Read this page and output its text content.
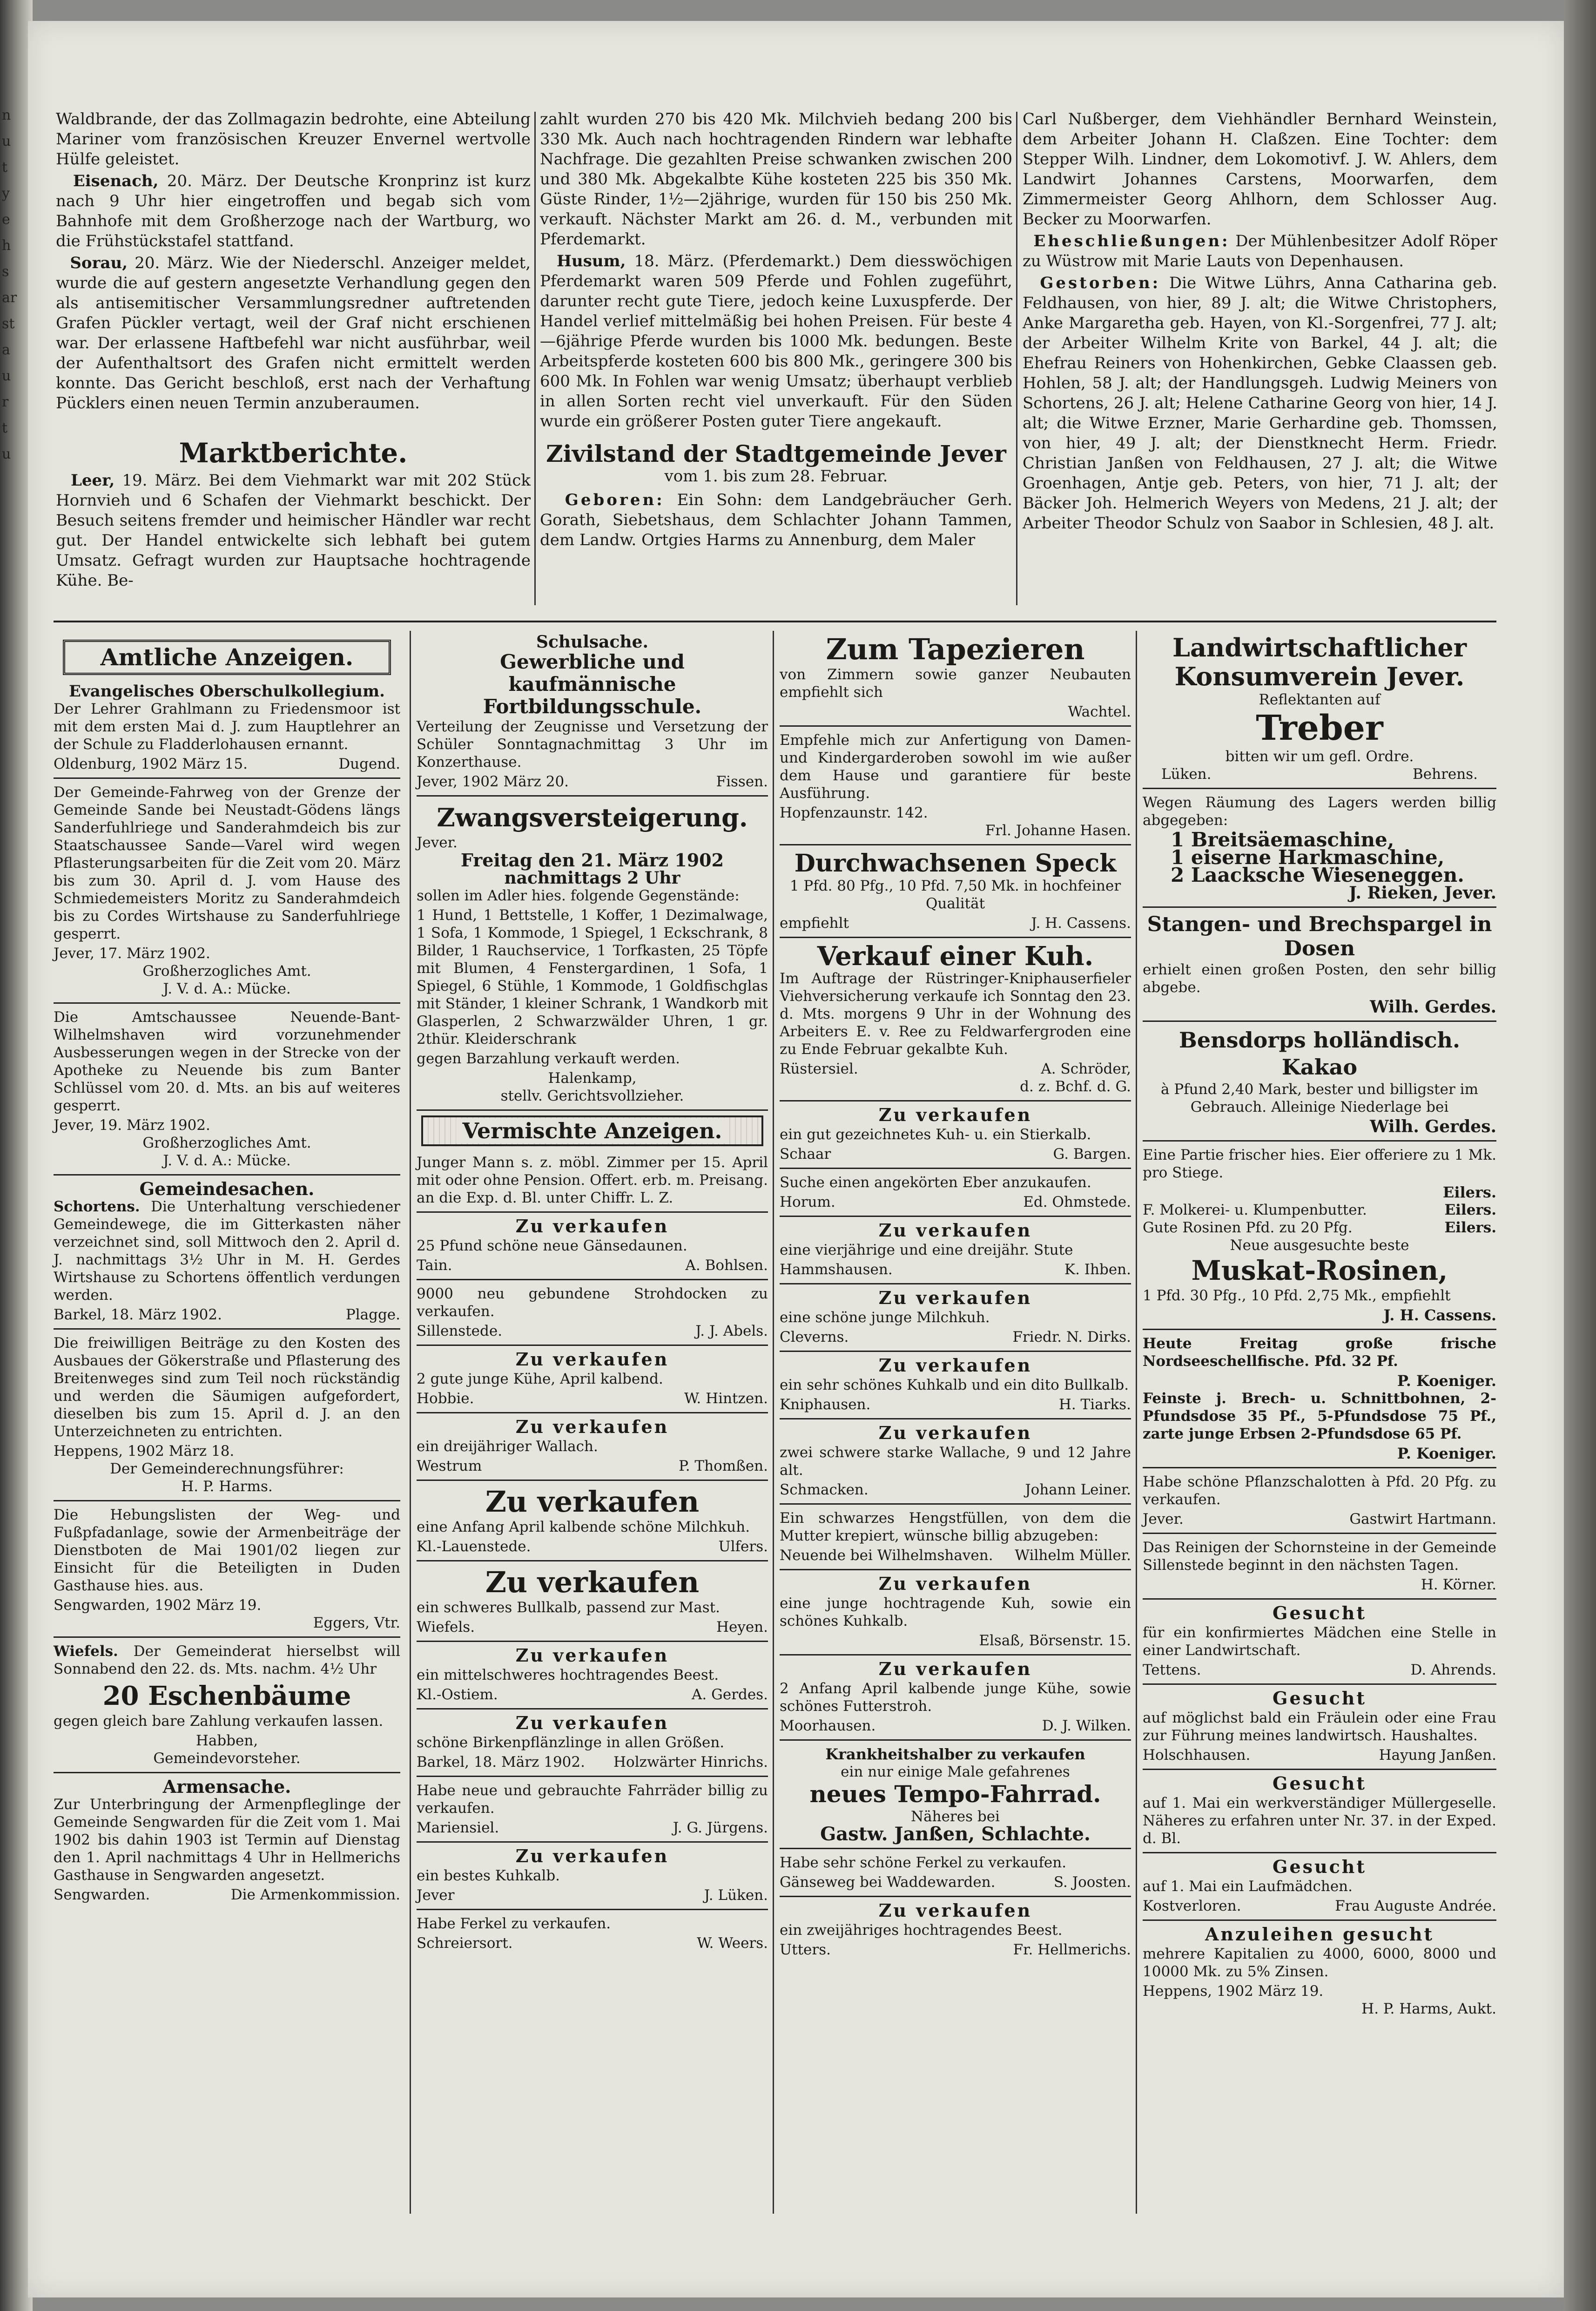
n
u
t
y
e
h
s
ar
st
a
u
r
t
u

Waldbrande, der das Zollmagazin bedrohte, eine Abteilung Mariner vom französischen Kreuzer Envernel wertvolle Hülfe geleistet.

Eisenach, 20. März. Der Deutsche Kronprinz ist kurz nach 9 Uhr hier eingetroffen und begab sich vom Bahnhofe mit dem Großherzoge nach der Wartburg, wo die Frühstückstafel stattfand.

Sorau, 20. März. Wie der Niederschl. Anzeiger meldet, wurde die auf gestern angesetzte Verhandlung gegen den als antisemitischer Versammlungsredner auftretenden Grafen Pückler vertagt, weil der Graf nicht erschienen war. Der erlassene Haftbefehl war nicht ausführbar, weil der Aufenthaltsort des Grafen nicht ermittelt werden konnte. Das Gericht beschloß, erst nach der Verhaftung Pücklers einen neuen Termin anzuberaumen.

Marktberichte.

Leer, 19. März. Bei dem Viehmarkt war mit 202 Stück Hornvieh und 6 Schafen der Viehmarkt beschickt. Der Besuch seitens fremder und heimischer Händler war recht gut. Der Handel entwickelte sich lebhaft bei gutem Umsatz. Gefragt wurden zur Hauptsache hochtragende Kühe. Be-

zahlt wurden 270 bis 420 Mk. Milchvieh bedang 200 bis 330 Mk. Auch nach hochtragenden Rindern war lebhafte Nachfrage. Die gezahlten Preise schwanken zwischen 200 und 380 Mk. Abgekalbte Kühe kosteten 225 bis 350 Mk. Güste Rinder, 1½—2jährige, wurden für 150 bis 250 Mk. verkauft. Nächster Markt am 26. d. M., verbunden mit Pferdemarkt.

Husum, 18. März. (Pferdemarkt.) Dem diesswöchigen Pferdemarkt waren 509 Pferde und Fohlen zugeführt, darunter recht gute Tiere, jedoch keine Luxuspferde. Der Handel verlief mittelmäßig bei hohen Preisen. Für beste 4—6jährige Pferde wurden bis 1000 Mk. bedungen. Beste Arbeitspferde kosteten 600 bis 800 Mk., geringere 300 bis 600 Mk. In Fohlen war wenig Umsatz; überhaupt verblieb in allen Sorten recht viel unverkauft. Für den Süden wurde ein größerer Posten guter Tiere angekauft.

Zivilstand der Stadtgemeinde Jever
vom 1. bis zum 28. Februar.

Geboren: Ein Sohn: dem Landgebräucher Gerh. Gorath, Siebetshaus, dem Schlachter Johann Tammen, dem Landw. Ortgies Harms zu Annenburg, dem Maler

Carl Nußberger, dem Viehhändler Bernhard Weinstein, dem Arbeiter Johann H. Claßzen. Eine Tochter: dem Stepper Wilh. Lindner, dem Lokomotivf. J. W. Ahlers, dem Landwirt Johannes Carstens, Moorwarfen, dem Zimmermeister Georg Ahlhorn, dem Schlosser Aug. Becker zu Moorwarfen.

Eheschließungen: Der Mühlenbesitzer Adolf Röper zu Wüstrow mit Marie Lauts von Depenhausen.

Gestorben: Die Witwe Lührs, Anna Catharina geb. Feldhausen, von hier, 89 J. alt; die Witwe Christophers, Anke Margaretha geb. Hayen, von Kl.-Sorgenfrei, 77 J. alt; der Arbeiter Wilhelm Krite von Barkel, 44 J. alt; die Ehefrau Reiners von Hohenkirchen, Gebke Claassen geb. Hohlen, 58 J. alt; der Handlungsgeh. Ludwig Meiners von Schortens, 26 J. alt; Helene Catharine Georg von hier, 14 J. alt; die Witwe Erzner, Marie Gerhardine geb. Thomssen, von hier, 49 J. alt; der Dienstknecht Herm. Friedr. Christian Janßen von Feldhausen, 27 J. alt; die Witwe Groenhagen, Antje geb. Peters, von hier, 71 J. alt; der Bäcker Joh. Helmerich Weyers von Medens, 21 J. alt; der Arbeiter Theodor Schulz von Saabor in Schlesien, 48 J. alt.

Amtliche Anzeigen.
Evangelisches Oberschulkollegium.

Der Lehrer Grahlmann zu Friedensmoor ist mit dem ersten Mai d. J. zum Hauptlehrer an der Schule zu Fladderlohausen ernannt.

Oldenburg, 1902 März 15.	Dugend.

Der Gemeinde-Fahrweg von der Grenze der Gemeinde Sande bei Neustadt-Gödens längs Sanderfuhlriege und Sanderahmdeich bis zur Staatschaussee Sande—Varel wird wegen Pflasterungsarbeiten für die Zeit vom 20. März bis zum 30. April d. J. vom Hause des Schmiedemeisters Moritz zu Sanderahmdeich bis zu Cordes Wirtshause zu Sanderfuhlriege gesperrt.

Jever, 17. März 1902.
Großherzogliches Amt.
J. V. d. A.: Mücke.

Die Amtschaussee Neuende-Bant-Wilhelmshaven wird vorzunehmender Ausbesserungen wegen in der Strecke von der Apotheke zu Neuende bis zum Banter Schlüssel vom 20. d. Mts. an bis auf weiteres gesperrt.

Jever, 19. März 1902.
Großherzogliches Amt.
J. V. d. A.: Mücke.
Gemeindesachen.

Schortens. Die Unterhaltung verschiedener Gemeindewege, die im Gitterkasten näher verzeichnet sind, soll Mittwoch den 2. April d. J. nachmittags 3½ Uhr in M. H. Gerdes Wirtshause zu Schortens öffentlich verdungen werden.

Barkel, 18. März 1902.	Plagge.

Die freiwilligen Beiträge zu den Kosten des Ausbaues der Gökerstraße und Pflasterung des Breitenweges sind zum Teil noch rückständig und werden die Säumigen aufgefordert, dieselben bis zum 15. April d. J. an den Unterzeichneten zu entrichten.

Heppens, 1902 März 18.
Der Gemeinderechnungsführer:
H. P. Harms.

Die Hebungslisten der Weg- und Fußpfadanlage, sowie der Armenbeiträge der Dienstboten de Mai 1901/02 liegen zur Einsicht für die Beteiligten in Duden Gasthause hies. aus.

Sengwarden, 1902 März 19.
Eggers, Vtr.

Wiefels. Der Gemeinderat hierselbst will Sonnabend den 22. ds. Mts. nachm. 4½ Uhr

20 Eschenbäume

gegen gleich bare Zahlung verkaufen lassen.

Habben,
Gemeindevorsteher.
Armensache.

Zur Unterbringung der Armenpfleglinge der Gemeinde Sengwarden für die Zeit vom 1. Mai 1902 bis dahin 1903 ist Termin auf Dienstag den 1. April nachmittags 4 Uhr in Hellmerichs Gasthause in Sengwarden angesetzt.

Sengwarden.	Die Armenkommission.
Schulsache.
Gewerbliche und kaufmännische Fortbildungsschule.

Verteilung der Zeugnisse und Versetzung der Schüler Sonntagnachmittag 3 Uhr im Konzerthause.

Jever, 1902 März 20.	Fissen.
Zwangsversteigerung.
Jever.
Freitag den 21. März 1902
nachmittags 2 Uhr

sollen im Adler hies. folgende Gegenstände:

1 Hund, 1 Bettstelle, 1 Koffer, 1 Dezimalwage, 1 Sofa, 1 Kommode, 1 Spiegel, 1 Eckschrank, 8 Bilder, 1 Rauchservice, 1 Torfkasten, 25 Töpfe mit Blumen, 4 Fenstergardinen, 1 Sofa, 1 Spiegel, 6 Stühle, 1 Kommode, 1 Goldfischglas mit Ständer, 1 kleiner Schrank, 1 Wandkorb mit Glasperlen, 2 Schwarzwälder Uhren, 1 gr. 2thür. Kleiderschrank

gegen Barzahlung verkauft werden.

Halenkamp,
stellv. Gerichtsvollzieher.
Vermischte Anzeigen.

Junger Mann s. z. möbl. Zimmer per 15. April mit oder ohne Pension. Offert. erb. m. Preisang. an die Exp. d. Bl. unter Chiffr. L. Z.

Zu verkaufen

25 Pfund schöne neue Gänsedaunen.

Tain.	A. Bohlsen.

9000 neu gebundene Strohdocken zu verkaufen.

Sillenstede.	J. J. Abels.
Zu verkaufen

2 gute junge Kühe, April kalbend.

Hobbie.	W. Hintzen.
Zu verkaufen

ein dreijähriger Wallach.

Westrum	P. Thomßen.
Zu verkaufen

eine Anfang April kalbende schöne Milchkuh.

Kl.-Lauenstede.	Ulfers.
Zu verkaufen

ein schweres Bullkalb, passend zur Mast.

Wiefels.	Heyen.
Zu verkaufen

ein mittelschweres hochtragendes Beest.

Kl.-Ostiem.	A. Gerdes.
Zu verkaufen

schöne Birkenpflänzlinge in allen Größen.

Barkel, 18. März 1902. Holzwärter Hinrichs.

Habe neue und gebrauchte Fahrräder billig zu verkaufen.

Mariensiel.	J. G. Jürgens.
Zu verkaufen

ein bestes Kuhkalb.

Jever	J. Lüken.

Habe Ferkel zu verkaufen.

Schreiersort.	W. Weers.
Zum Tapezieren

von Zimmern sowie ganzer Neubauten empfiehlt sich

Wachtel.

Empfehle mich zur Anfertigung von Damen- und Kindergarderoben sowohl im wie außer dem Hause und garantiere für beste Ausführung.

Hopfenzaunstr. 142.
Frl. Johanne Hasen.
Durchwachsenen Speck

1 Pfd. 80 Pfg., 10 Pfd. 7,50 Mk. in hochfeiner Qualität

empfiehlt	J. H. Cassens.
Verkauf einer Kuh.

Im Auftrage der Rüstringer-Kniphauserfieler Viehversicherung verkaufe ich Sonntag den 23. d. Mts. morgens 9 Uhr in der Wohnung des Arbeiters E. v. Ree zu Feldwarfergroden eine zu Ende Februar gekalbte Kuh.

Rüstersiel.	A. Schröder,
d. z. Bchf. d. G.
Zu verkaufen

ein gut gezeichnetes Kuh- u. ein Stierkalb.

Schaar	G. Bargen.

Suche einen angekörten Eber anzukaufen.

Horum.	Ed. Ohmstede.
Zu verkaufen

eine vierjährige und eine dreijähr. Stute

Hammshausen.	K. Ihben.
Zu verkaufen

eine schöne junge Milchkuh.

Cleverns.	Friedr. N. Dirks.
Zu verkaufen

ein sehr schönes Kuhkalb und ein dito Bullkalb.

Kniphausen.	H. Tiarks.
Zu verkaufen

zwei schwere starke Wallache, 9 und 12 Jahre alt.

Schmacken.	Johann Leiner.

Ein schwarzes Hengstfüllen, von dem die Mutter krepiert, wünsche billig abzugeben:

Neuende bei Wilhelmshaven. Wilhelm Müller.
Zu verkaufen

eine junge hochtragende Kuh, sowie ein schönes Kuhkalb.

Elsaß, Börsenstr. 15.
Zu verkaufen

2 Anfang April kalbende junge Kühe, sowie schönes Futterstroh.

Moorhausen.	D. J. Wilken.
Krankheitshalber zu verkaufen
ein nur einige Male gefahrenes
neues Tempo-Fahrrad.
Näheres bei
Gastw. Janßen, Schlachte.

Habe sehr schöne Ferkel zu verkaufen.

Gänseweg bei Waddewarden.	S. Joosten.
Zu verkaufen

ein zweijähriges hochtragendes Beest.

Utters.	Fr. Hellmerichs.
Landwirtschaftlicher Konsumverein Jever.
Reflektanten auf
Treber
bitten wir um gefl. Ordre.
Lüken.	Behrens.

Wegen Räumung des Lagers werden billig abgegeben:

1 Breitsäemaschine,
1 eiserne Harkmaschine,
2 Laacksche Wieseneggen.
J. Rieken, Jever.
Stangen- und Brechspargel in Dosen

erhielt einen großen Posten, den sehr billig abgebe.

Wilh. Gerdes.
Bensdorps holländisch. Kakao

à Pfund 2,40 Mark, bester und billigster im Gebrauch. Alleinige Niederlage bei

Wilh. Gerdes.

Eine Partie frischer hies. Eier offeriere zu 1 Mk. pro Stiege.

Eilers.
F. Molkerei- u. Klumpenbutter.	Eilers.
Gute Rosinen Pfd. zu 20 Pfg.	Eilers.
Neue ausgesuchte beste
Muskat-Rosinen,

1 Pfd. 30 Pfg., 10 Pfd. 2,75 Mk., empfiehlt

J. H. Cassens.

Heute Freitag große frische Nordseeschellfische. Pfd. 32 Pf.

P. Koeniger.

Feinste j. Brech- u. Schnittbohnen, 2-Pfundsdose 35 Pf., 5-Pfundsdose 75 Pf., zarte junge Erbsen 2-Pfundsdose 65 Pf.

P. Koeniger.

Habe schöne Pflanzschalotten à Pfd. 20 Pfg. zu verkaufen.

Jever.	Gastwirt Hartmann.

Das Reinigen der Schornsteine in der Gemeinde Sillenstede beginnt in den nächsten Tagen.

H. Körner.
Gesucht

für ein konfirmiertes Mädchen eine Stelle in einer Landwirtschaft.

Tettens.	D. Ahrends.
Gesucht

auf möglichst bald ein Fräulein oder eine Frau zur Führung meines landwirtsch. Haushaltes.

Holschhausen.	Hayung Janßen.
Gesucht

auf 1. Mai ein werkverständiger Müllergeselle. Näheres zu erfahren unter Nr. 37. in der Exped. d. Bl.

Gesucht

auf 1. Mai ein Laufmädchen.

Kostverloren.	Frau Auguste Andrée.
Anzuleihen gesucht

mehrere Kapitalien zu 4000, 6000, 8000 und 10000 Mk. zu 5% Zinsen.

Heppens, 1902 März 19.
H. P. Harms, Aukt.
